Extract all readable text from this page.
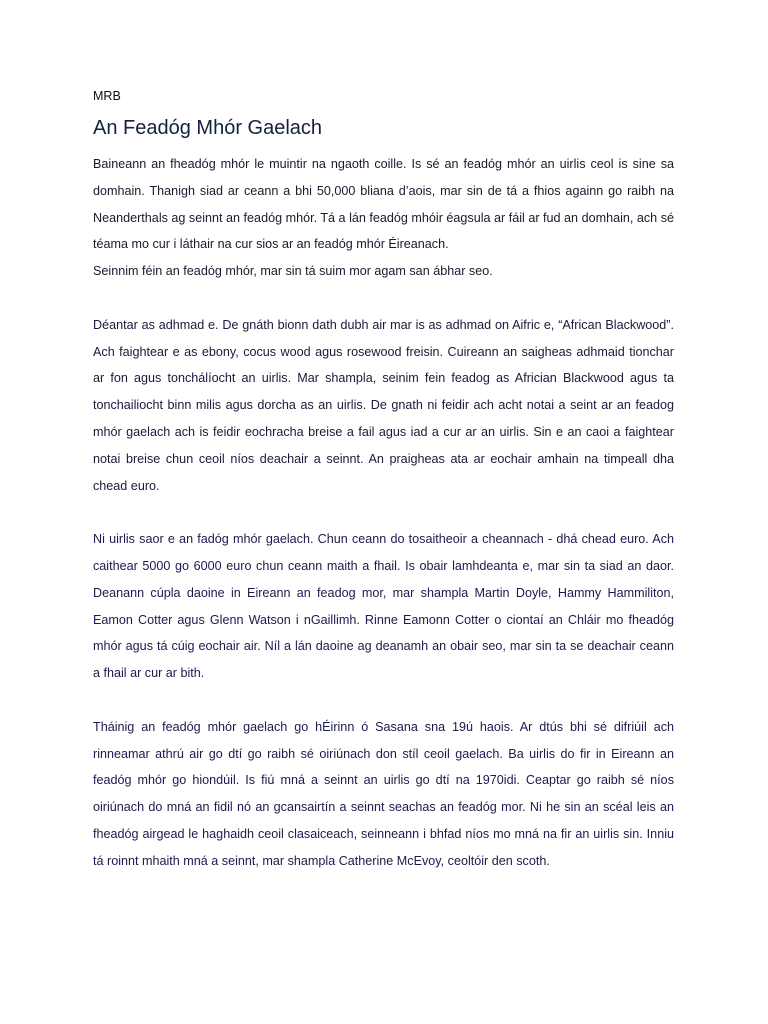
MRB
An Feadóg Mhór Gaelach

Baineann an fheadóg mhór le muintir na ngaoth coille. Is sé an feadóg mhór an uirlis ceol is sine sa domhain. Thanigh siad ar ceann a bhi 50,000 bliana d’aois, mar sin de tá a fhios againn go raibh na Neanderthals ag seinnt an feadóg mhór. Tá a lán feadóg mhóir éagsula ar fáil ar fud an domhain, ach sé téama mo cur i láthair na cur sios ar an feadóg mhór Éireanach.

Seinnim féin an feadóg mhór, mar sin tá suim mor agam san ábhar seo.

Déantar as adhmad e. De gnáth bionn dath dubh air mar is as adhmad on Aifric e, “African Blackwood”. Ach faightear e as ebony, cocus wood agus rosewood freisin. Cuireann an saigheas adhmaid tionchar ar fon agus tonchálíocht an uirlis. Mar shampla, seinim fein feadog as Africian Blackwood agus ta tonchailiocht binn milis agus dorcha as an uirlis. De gnath ni feidir ach acht notai a seint ar an feadog mhór gaelach ach is feidir eochracha breise a fail agus iad a cur ar an uirlis. Sin e an caoi a faightear notai breise chun ceoil níos deachair a seinnt. An praigheas ata ar eochair amhain na timpeall dha chead euro.

Ni uirlis saor e an fadóg mhór gaelach. Chun ceann do tosaitheoir a cheannach - dhá chead euro. Ach caithear 5000 go 6000 euro chun ceann maith a fhail. Is obair lamhdeanta e, mar sin ta siad an daor. Deanann cúpla daoine in Eireann an feadog mor, mar shampla Martin Doyle, Hammy Hammiliton, Eamon Cotter agus Glenn Watson i nGaillimh. Rinne Eamonn Cotter o ciontaí an Chláir mo fheadóg mhór agus tá cúig eochair air. Níl a lán daoine ag deanamh an obair seo, mar sin ta se deachair ceann a fhail ar cur ar bith.

Tháinig an feadóg mhór gaelach go hÉirinn ó Sasana sna 19ú haois. Ar dtús bhi sé difriúil ach rinneamar athrú air go dtí go raibh sé oiriúnach don stíl ceoil gaelach. Ba uirlis do fir in Eireann an feadóg mhór go hiondúil. Is fiú mná a seinnt an uirlis go dtí na 1970idi. Ceaptar go raibh sé níos oiriúnach do mná an fidil nó an gcansairtín a seinnt seachas an feadóg mor. Ni he sin an scéal leis an fheadóg airgead le haghaidh ceoil clasaiceach, seinneann i bhfad níos mo mná na fir an uirlis sin. Inniu tá roinnt mhaith mná a seinnt, mar shampla Catherine McEvoy, ceoltóir den scoth.
